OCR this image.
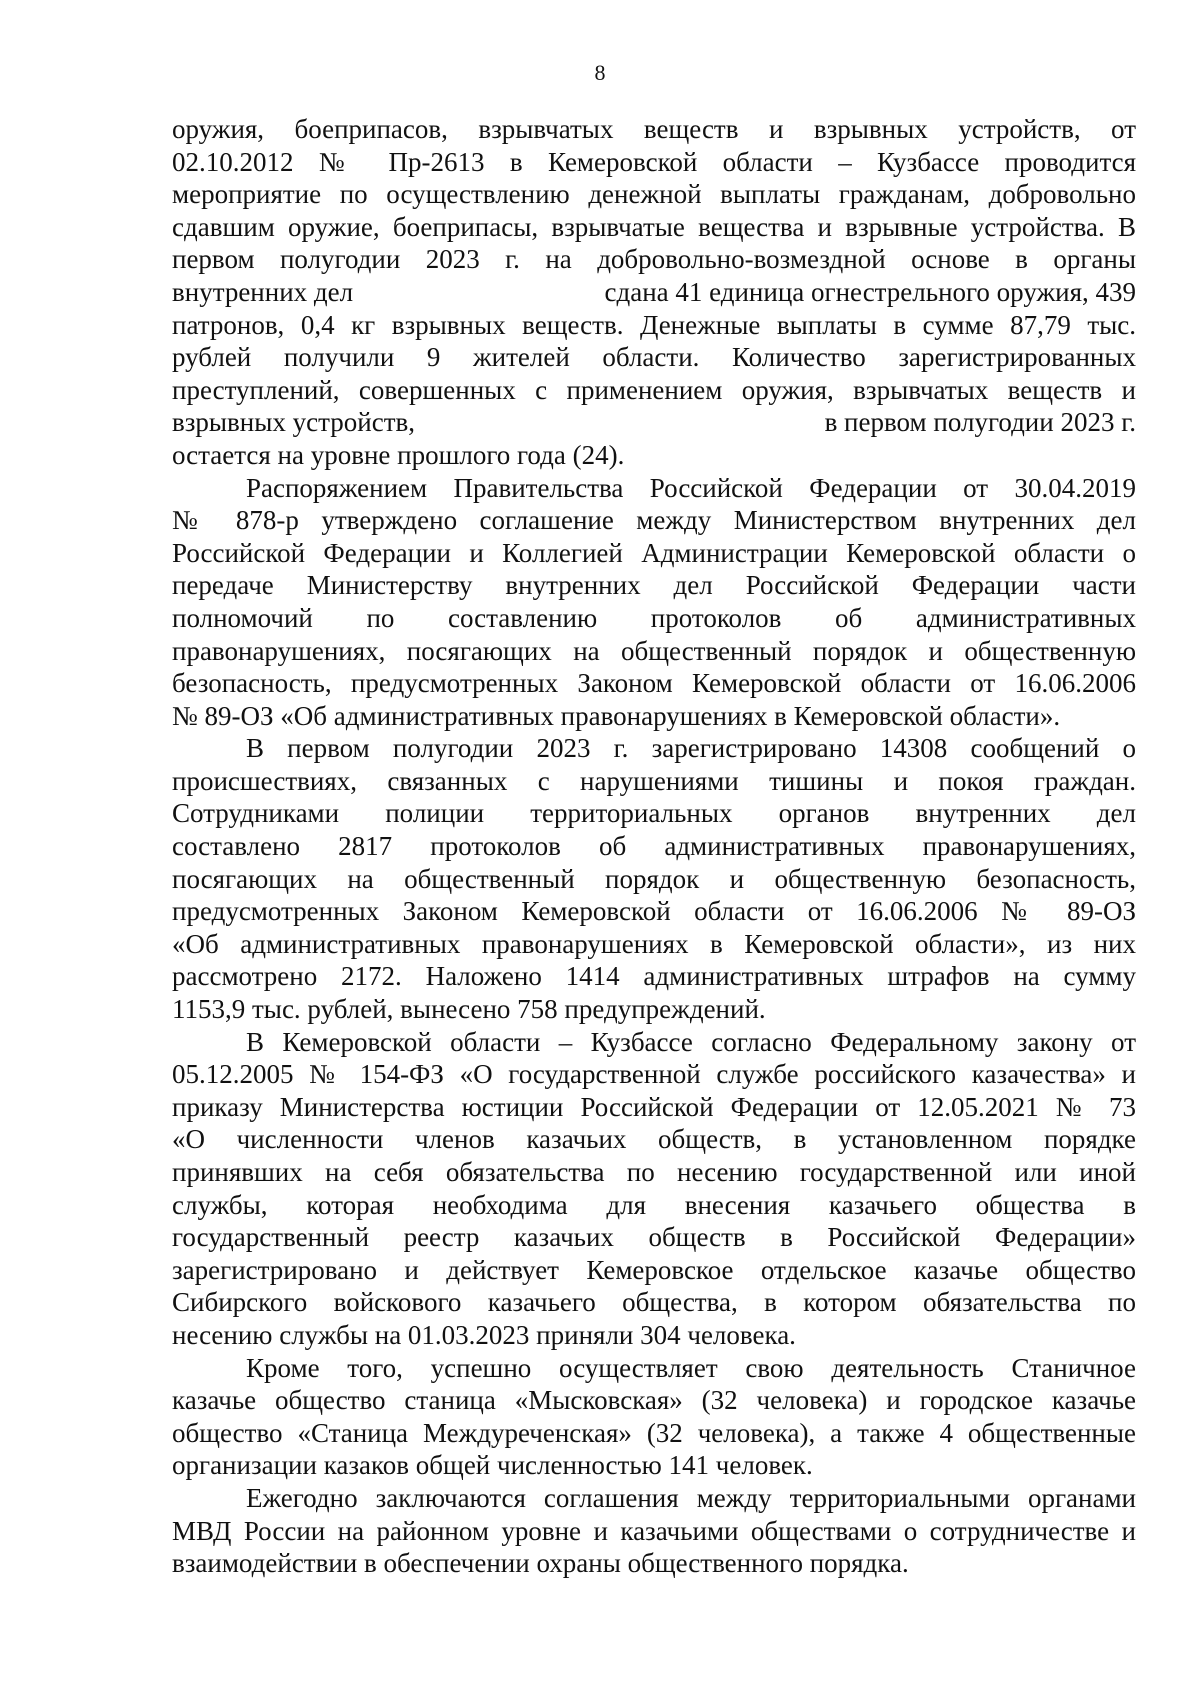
8
оружия, боеприпасов, взрывчатых веществ и взрывных устройств, от
02.10.2012 № Пр-2613 в Кемеровской области – Кузбассе проводится
мероприятие по осуществлению денежной выплаты гражданам, добровольно
сдавшим оружие, боеприпасы, взрывчатые вещества и взрывные устройства. В
первом полугодии 2023 г. на добровольно-возмездной основе в органы
внутренних дел	сдана 41 единица огнестрельного оружия, 439
патронов, 0,4 кг взрывных веществ. Денежные выплаты в сумме 87,79 тыс.
рублей получили 9 жителей области. Количество зарегистрированных
преступлений, совершенных с применением оружия, взрывчатых веществ и
взрывных устройств,	в первом полугодии 2023 г.
остается на уровне прошлого года (24).
Распоряжением Правительства Российской Федерации от 30.04.2019
№ 878-р утверждено соглашение между Министерством внутренних дел
Российской Федерации и Коллегией Администрации Кемеровской области о
передаче Министерству внутренних дел Российской Федерации части
полномочий по составлению протоколов об административных
правонарушениях, посягающих на общественный порядок и общественную
безопасность, предусмотренных Законом Кемеровской области от 16.06.2006
№ 89-ОЗ «Об административных правонарушениях в Кемеровской области».
В первом полугодии 2023 г. зарегистрировано 14308 сообщений о
происшествиях, связанных с нарушениями тишины и покоя граждан.
Сотрудниками полиции территориальных органов внутренних дел
составлено 2817 протоколов об административных правонарушениях,
посягающих на общественный порядок и общественную безопасность,
предусмотренных Законом Кемеровской области от 16.06.2006 № 89-ОЗ
«Об административных правонарушениях в Кемеровской области», из них
рассмотрено 2172. Наложено 1414 административных штрафов на сумму
1153,9 тыс. рублей, вынесено 758 предупреждений.
В Кемеровской области – Кузбассе согласно Федеральному закону от
05.12.2005 № 154-ФЗ «О государственной службе российского казачества» и
приказу Министерства юстиции Российской Федерации от 12.05.2021 № 73
«О численности членов казачьих обществ, в установленном порядке
принявших на себя обязательства по несению государственной или иной
службы, которая необходима для внесения казачьего общества в
государственный реестр казачьих обществ в Российской Федерации»
зарегистрировано и действует Кемеровское отдельское казачье общество
Сибирского войскового казачьего общества, в котором обязательства по
несению службы на 01.03.2023 приняли 304 человека.
Кроме того, успешно осуществляет свою деятельность Станичное
казачье общество станица «Мысковская» (32 человека) и городское казачье
общество «Станица Междуреченская» (32 человека), а также 4 общественные
организации казаков общей численностью 141 человек.
Ежегодно заключаются соглашения между территориальными органами
МВД России на районном уровне и казачьими обществами о сотрудничестве и
взаимодействии в обеспечении охраны общественного порядка.
